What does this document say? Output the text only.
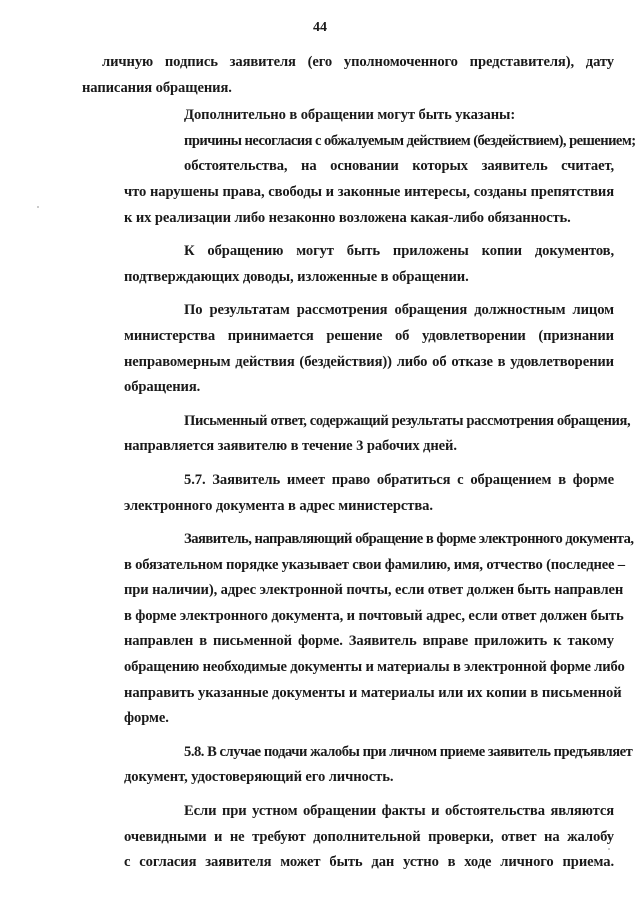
44
личную подпись заявителя (его уполномоченного представителя), дату
написания обращения.
Дополнительно в обращении могут быть указаны:
причины несогласия с обжалуемым действием (бездействием), решением;
обстоятельства, на основании которых заявитель считает,
что нарушены права, свободы и законные интересы, созданы препятствия
к их реализации либо незаконно возложена какая-либо обязанность.
К обращению могут быть приложены копии документов,
подтверждающих доводы, изложенные в обращении.
По результатам рассмотрения обращения должностным лицом
министерства принимается решение об удовлетворении (признании
неправомерным действия (бездействия)) либо об отказе в удовлетворении
обращения.
Письменный ответ, содержащий результаты рассмотрения обращения,
направляется заявителю в течение 3 рабочих дней.
5.7. Заявитель имеет право обратиться с обращением в форме
электронного документа в адрес министерства.
Заявитель, направляющий обращение в форме электронного документа,
в обязательном порядке указывает свои фамилию, имя, отчество (последнее –
при наличии), адрес электронной почты, если ответ должен быть направлен
в форме электронного документа, и почтовый адрес, если ответ должен быть
направлен в письменной форме. Заявитель вправе приложить к такому
обращению необходимые документы и материалы в электронной форме либо
направить указанные документы и материалы или их копии в письменной
форме.
5.8. В случае подачи жалобы при личном приеме заявитель предъявляет
документ, удостоверяющий его личность.
Если при устном обращении факты и обстоятельства являются
очевидными и не требуют дополнительной проверки, ответ на жалобу
с согласия заявителя может быть дан устно в ходе личного приема.
